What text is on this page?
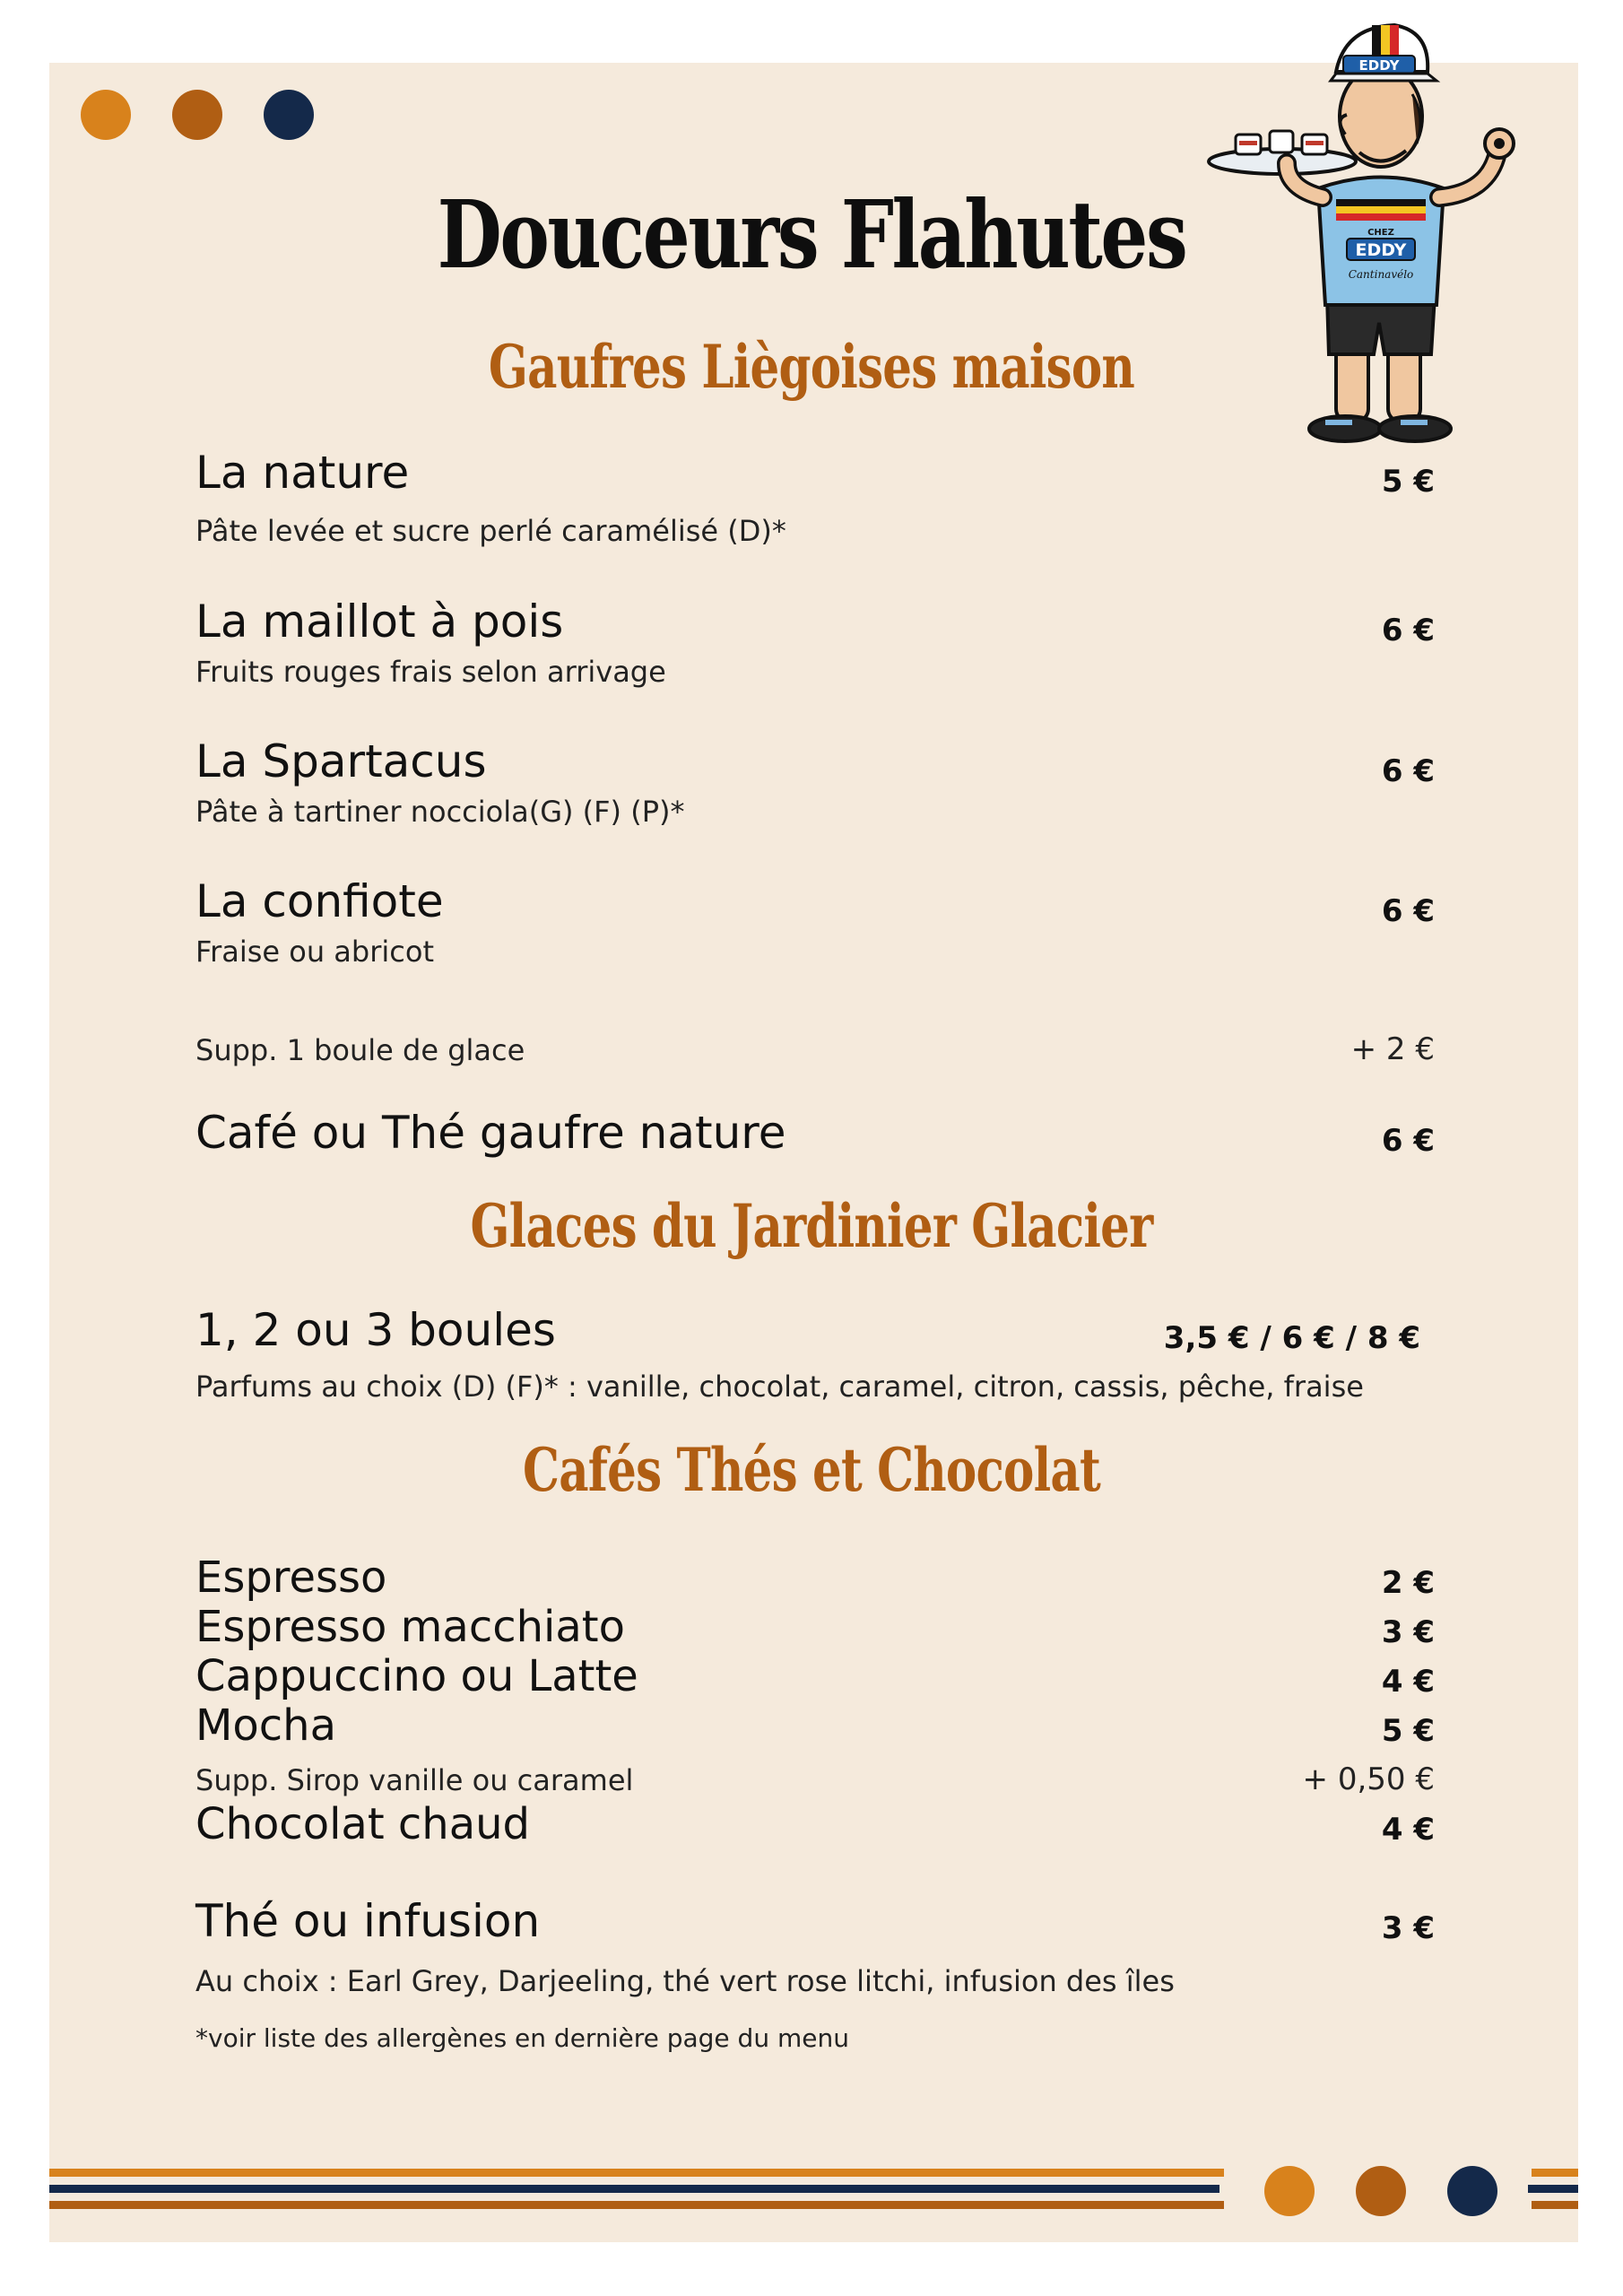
CHEZ
EDDY
Cantinavélo
EDDY
Douceurs Flahutes
Gaufres Liègoises maison
La nature	5 €
Pâte levée et sucre perlé caramélisé (D)*
La maillot à pois	6 €
Fruits rouges frais selon arrivage
La Spartacus	6 €
Pâte à tartiner nocciola(G) (F) (P)*
La confiote	6 €
Fraise ou abricot
Supp. 1 boule de glace	+ 2 €
Café ou Thé gaufre nature	6 €
Glaces du Jardinier Glacier
1, 2 ou 3 boules	3,5 € / 6 € / 8 €
Parfums au choix (D) (F)* : vanille, chocolat, caramel, citron, cassis, pêche, fraise
Cafés Thés et Chocolat
Espresso	2 €
Espresso macchiato	3 €
Cappuccino ou Latte	4 €
Mocha	5 €
Supp. Sirop vanille ou caramel	+ 0,50 €
Chocolat chaud	4 €
Thé ou infusion	3 €
Au choix : Earl Grey, Darjeeling, thé vert rose litchi, infusion des îles
*voir liste des allergènes en dernière page du menu
